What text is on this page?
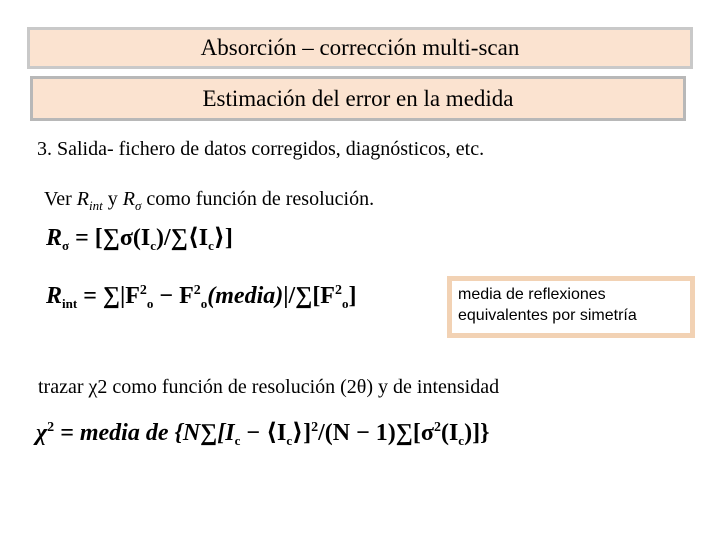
Absorción – corrección multi-scan
Estimación del error en la medida
3. Salida- fichero de datos corregidos, diagnósticos, etc.
Ver $R_{int}$ y $R_\sigma$ como función de resolución.
$R_\sigma$ = $[\sum\sigma(I_c)/\sum⟨I_c⟩]$
$R_{int} = \sum|F^2_o$ − $F^2_o(media)|/\sum[F^2_o]$	media de reflexiones
equivalentes por simetría
trazar χ2 como función de resolución (2θ) y de intensidad
$\chi^2$ = media de {$N\sum[I_c$ − $⟨I_c⟩]^2/(N - 1)\sum[\sigma^2(I_c)]$}
